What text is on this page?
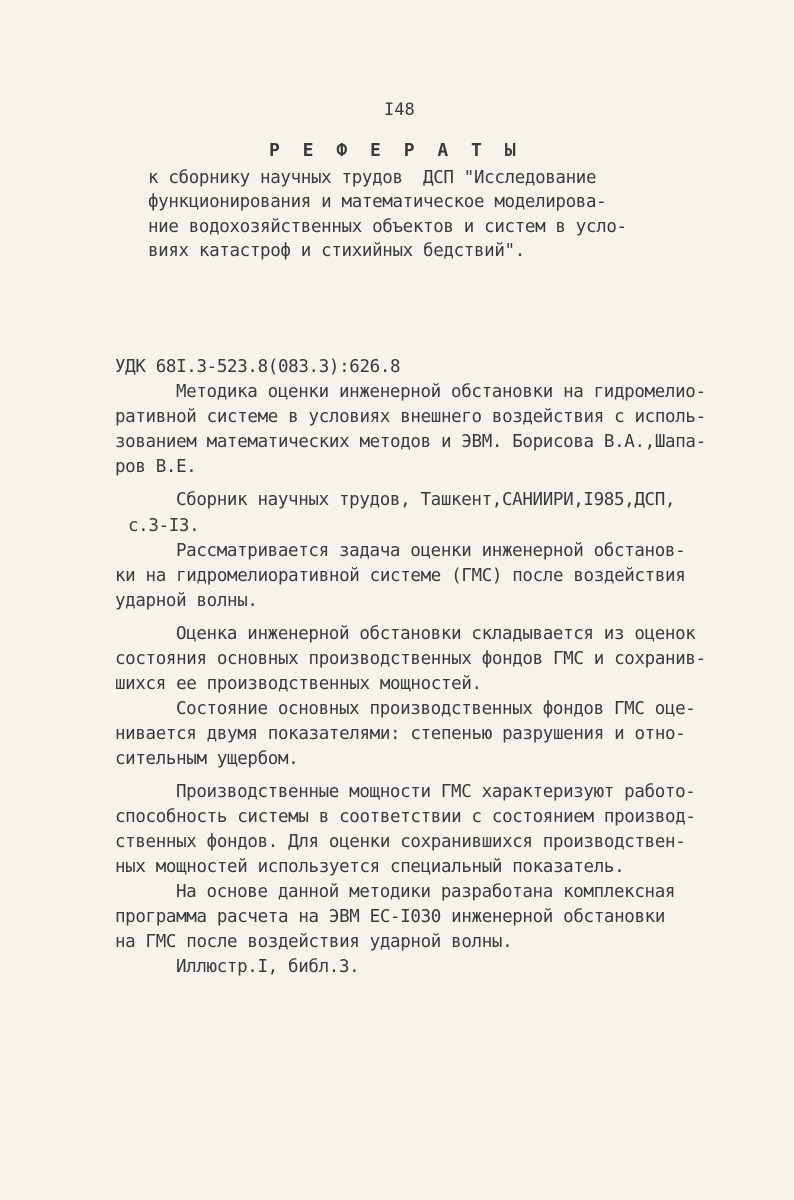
I48
Р Е Ф Е Р А Т Ы
к сборнику научных трудов  ДСП "Исследование
функционирования и математическое моделирова-
ние водохозяйственных объектов и систем в усло-
виях катастроф и стихийных бедствий".
УДК 68I.3-523.8(083.3):626.8
Методика оценки инженерной обстановки на гидромелио-
ративной системе в условиях внешнего воздействия с исполь-
зованием математических методов и ЭВМ. Борисова В.А.,Шапа-
ров В.Е.
Сборник научных трудов, Ташкент,САНИИРИ,I985,ДСП,
с.3-I3.
Рассматривается задача оценки инженерной обстанов-
ки на гидромелиоративной системе (ГМС) после воздействия
ударной волны.
Оценка инженерной обстановки складывается из оценок
состояния основных производственных фондов ГМС и сохранив-
шихся ее производственных мощностей.
Состояние основных производственных фондов ГМС оце-
нивается двумя показателями: степенью разрушения и отно-
сительным ущербом.
Производственные мощности ГМС характеризуют работо-
способность системы в соответствии с состоянием производ-
ственных фондов. Для оценки сохранившихся производствен-
ных мощностей используется специальный показатель.
На основе данной методики разработана комплексная
программа расчета на ЭВМ ЕС-I030 инженерной обстановки
на ГМС после воздействия ударной волны.
Иллюстр.I, библ.3.
